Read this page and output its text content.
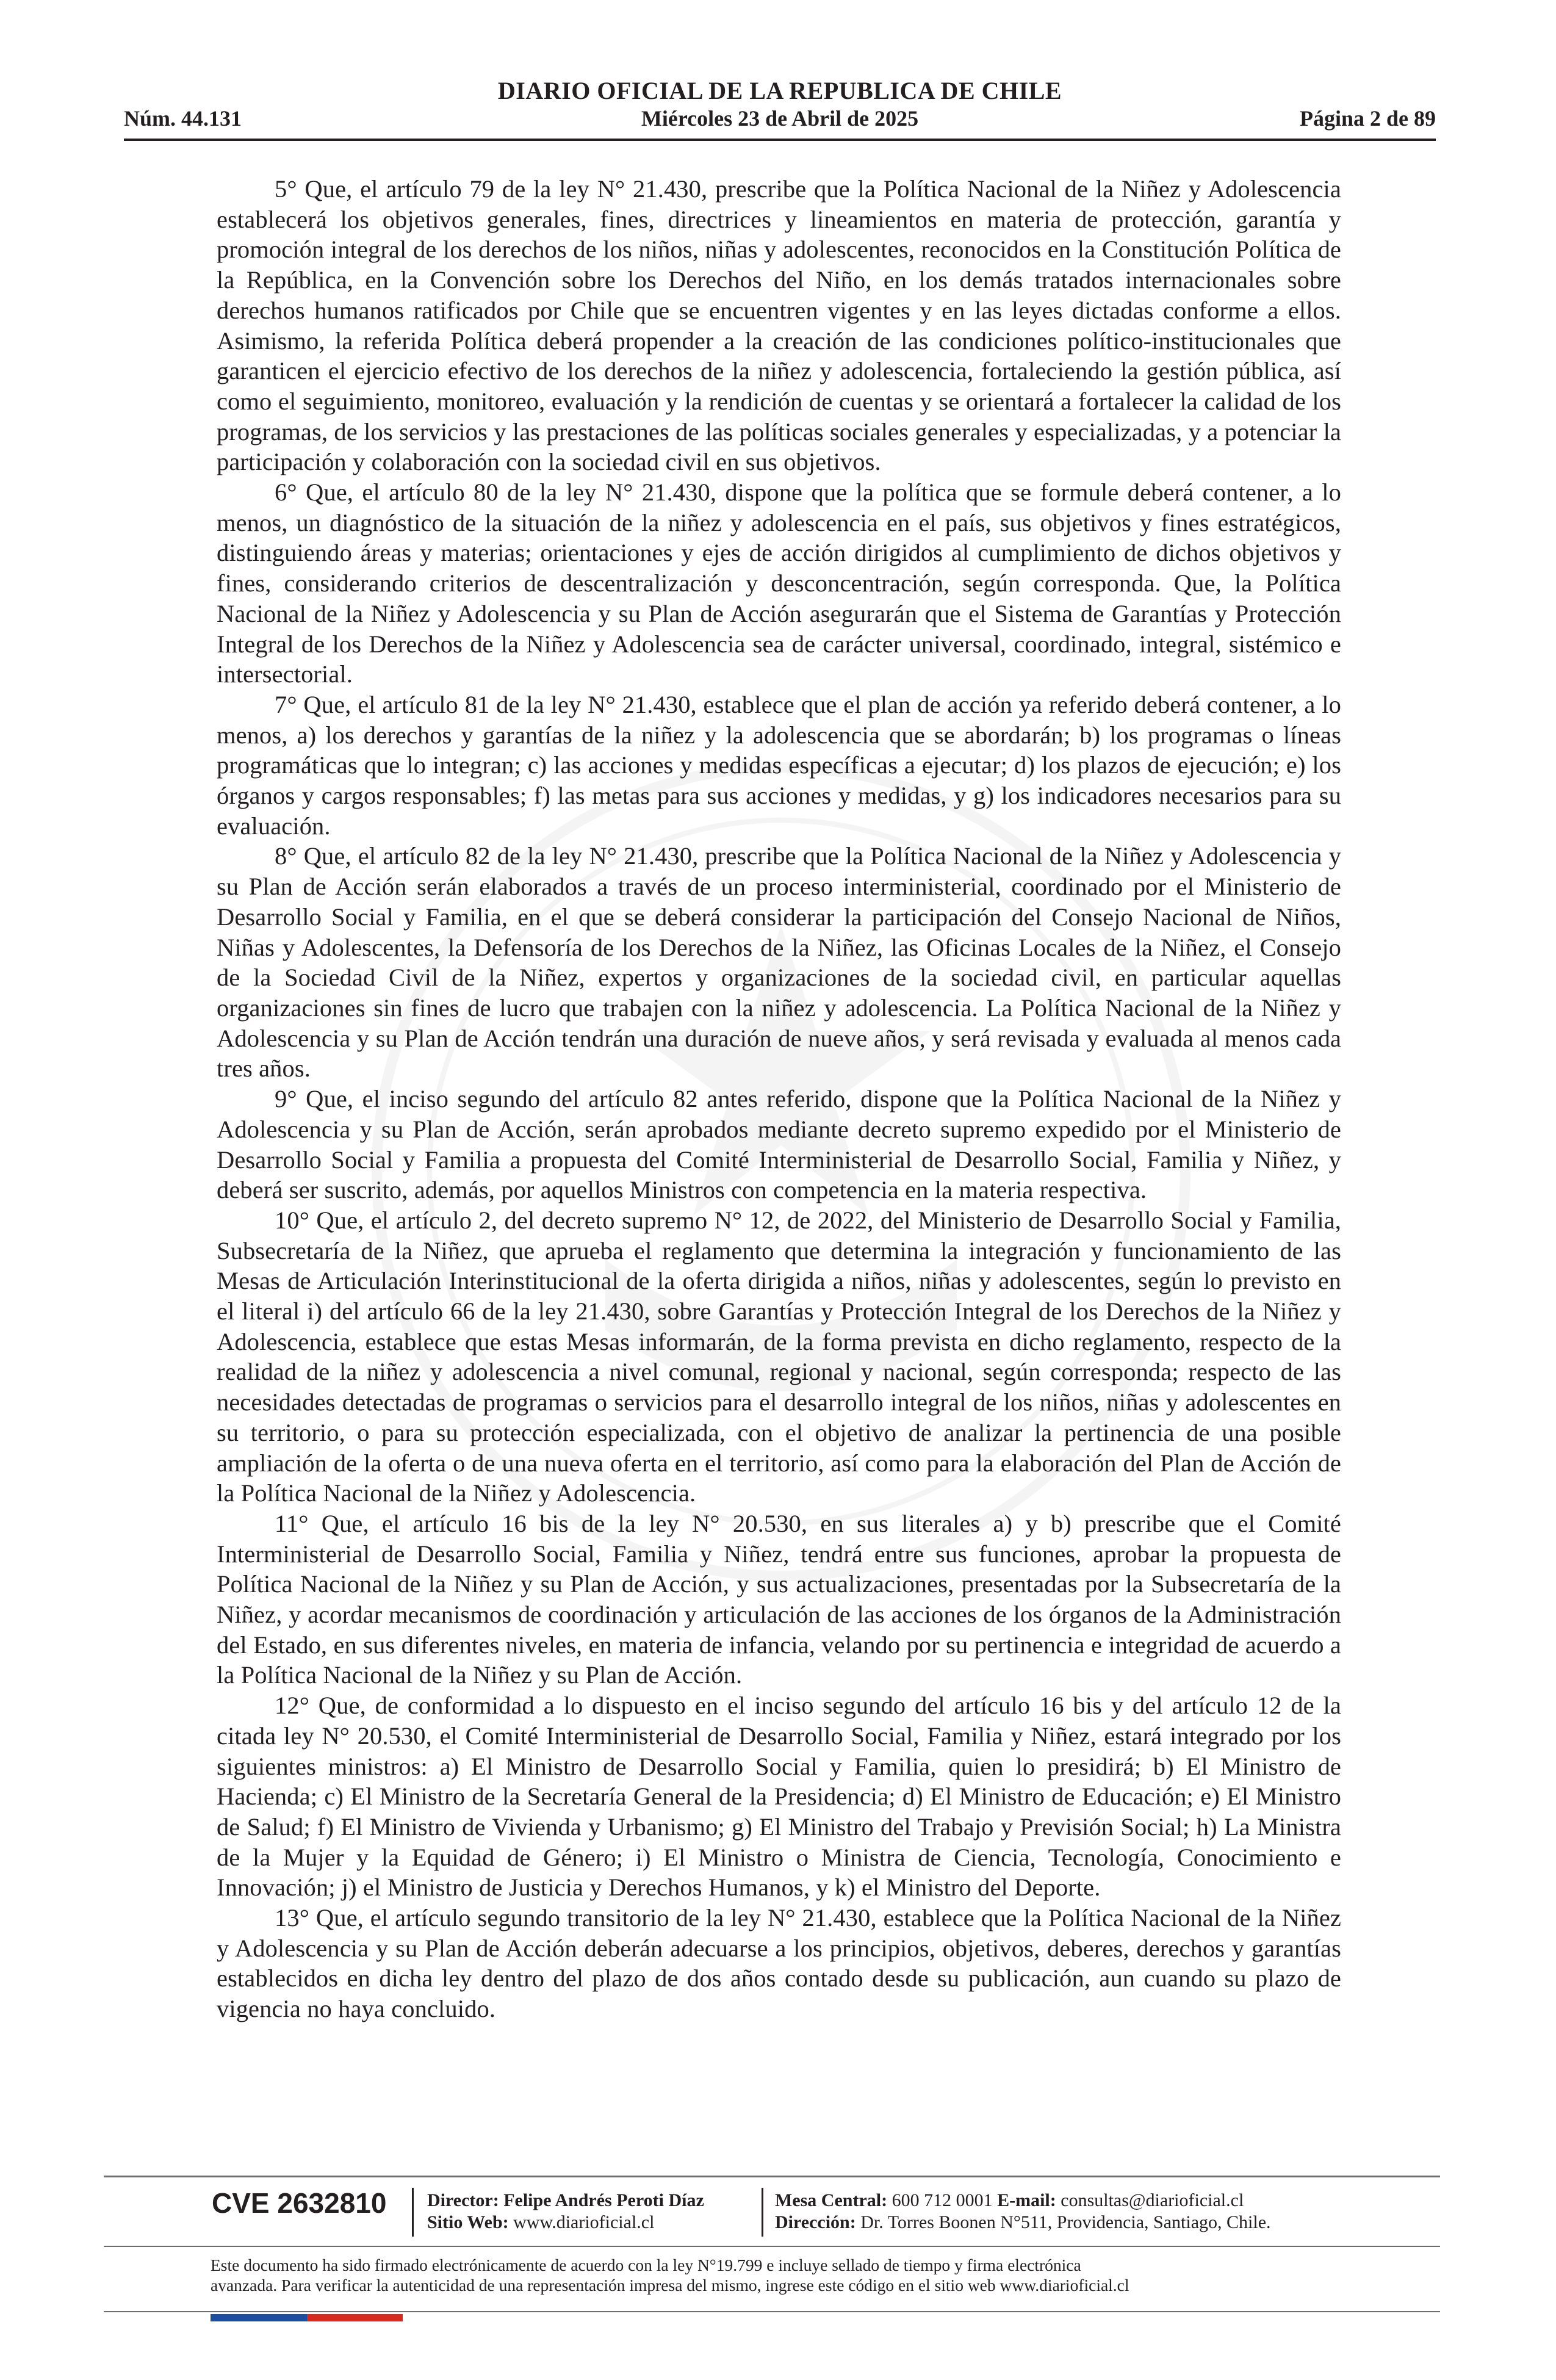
DIARIO OFICIAL DE LA REPUBLICA DE CHILE
Núm. 44.131	Miércoles 23 de Abril de 2025	Página 2 de 89

5° Que, el artículo 79 de la ley N° 21.430, prescribe que la Política Nacional de la Niñez y Adolescencia establecerá los objetivos generales, fines, directrices y lineamientos en materia de protección, garantía y promoción integral de los derechos de los niños, niñas y adolescentes, reconocidos en la Constitución Política de la República, en la Convención sobre los Derechos del Niño, en los demás tratados internacionales sobre derechos humanos ratificados por Chile que se encuentren vigentes y en las leyes dictadas conforme a ellos. Asimismo, la referida Política deberá propender a la creación de las condiciones político-institucionales que garanticen el ejercicio efectivo de los derechos de la niñez y adolescencia, fortaleciendo la gestión pública, así como el seguimiento, monitoreo, evaluación y la rendición de cuentas y se orientará a fortalecer la calidad de los programas, de los servicios y las prestaciones de las políticas sociales generales y especializadas, y a potenciar la participación y colaboración con la sociedad civil en sus objetivos.

6° Que, el artículo 80 de la ley N° 21.430, dispone que la política que se formule deberá contener, a lo menos, un diagnóstico de la situación de la niñez y adolescencia en el país, sus objetivos y fines estratégicos, distinguiendo áreas y materias; orientaciones y ejes de acción dirigidos al cumplimiento de dichos objetivos y fines, considerando criterios de descentralización y desconcentración, según corresponda. Que, la Política Nacional de la Niñez y Adolescencia y su Plan de Acción asegurarán que el Sistema de Garantías y Protección Integral de los Derechos de la Niñez y Adolescencia sea de carácter universal, coordinado, integral, sistémico e intersectorial.

7° Que, el artículo 81 de la ley N° 21.430, establece que el plan de acción ya referido deberá contener, a lo menos, a) los derechos y garantías de la niñez y la adolescencia que se abordarán; b) los programas o líneas programáticas que lo integran; c) las acciones y medidas específicas a ejecutar; d) los plazos de ejecución; e) los órganos y cargos responsables; f) las metas para sus acciones y medidas, y g) los indicadores necesarios para su evaluación.

8° Que, el artículo 82 de la ley N° 21.430, prescribe que la Política Nacional de la Niñez y Adolescencia y su Plan de Acción serán elaborados a través de un proceso interministerial, coordinado por el Ministerio de Desarrollo Social y Familia, en el que se deberá considerar la participación del Consejo Nacional de Niños, Niñas y Adolescentes, la Defensoría de los Derechos de la Niñez, las Oficinas Locales de la Niñez, el Consejo de la Sociedad Civil de la Niñez, expertos y organizaciones de la sociedad civil, en particular aquellas organizaciones sin fines de lucro que trabajen con la niñez y adolescencia. La Política Nacional de la Niñez y Adolescencia y su Plan de Acción tendrán una duración de nueve años, y será revisada y evaluada al menos cada tres años.

9° Que, el inciso segundo del artículo 82 antes referido, dispone que la Política Nacional de la Niñez y Adolescencia y su Plan de Acción, serán aprobados mediante decreto supremo expedido por el Ministerio de Desarrollo Social y Familia a propuesta del Comité Interministerial de Desarrollo Social, Familia y Niñez, y deberá ser suscrito, además, por aquellos Ministros con competencia en la materia respectiva.

10° Que, el artículo 2, del decreto supremo N° 12, de 2022, del Ministerio de Desarrollo Social y Familia, Subsecretaría de la Niñez, que aprueba el reglamento que determina la integración y funcionamiento de las Mesas de Articulación Interinstitucional de la oferta dirigida a niños, niñas y adolescentes, según lo previsto en el literal i) del artículo 66 de la ley 21.430, sobre Garantías y Protección Integral de los Derechos de la Niñez y Adolescencia, establece que estas Mesas informarán, de la forma prevista en dicho reglamento, respecto de la realidad de la niñez y adolescencia a nivel comunal, regional y nacional, según corresponda; respecto de las necesidades detectadas de programas o servicios para el desarrollo integral de los niños, niñas y adolescentes en su territorio, o para su protección especializada, con el objetivo de analizar la pertinencia de una posible ampliación de la oferta o de una nueva oferta en el territorio, así como para la elaboración del Plan de Acción de la Política Nacional de la Niñez y Adolescencia.

11° Que, el artículo 16 bis de la ley N° 20.530, en sus literales a) y b) prescribe que el Comité Interministerial de Desarrollo Social, Familia y Niñez, tendrá entre sus funciones, aprobar la propuesta de Política Nacional de la Niñez y su Plan de Acción, y sus actualizaciones, presentadas por la Subsecretaría de la Niñez, y acordar mecanismos de coordinación y articulación de las acciones de los órganos de la Administración del Estado, en sus diferentes niveles, en materia de infancia, velando por su pertinencia e integridad de acuerdo a la Política Nacional de la Niñez y su Plan de Acción.

12° Que, de conformidad a lo dispuesto en el inciso segundo del artículo 16 bis y del artículo 12 de la citada ley N° 20.530, el Comité Interministerial de Desarrollo Social, Familia y Niñez, estará integrado por los siguientes ministros: a) El Ministro de Desarrollo Social y Familia, quien lo presidirá; b) El Ministro de Hacienda; c) El Ministro de la Secretaría General de la Presidencia; d) El Ministro de Educación; e) El Ministro de Salud; f) El Ministro de Vivienda y Urbanismo; g) El Ministro del Trabajo y Previsión Social; h) La Ministra de la Mujer y la Equidad de Género; i) El Ministro o Ministra de Ciencia, Tecnología, Conocimiento e Innovación; j) el Ministro de Justicia y Derechos Humanos, y k) el Ministro del Deporte.

13° Que, el artículo segundo transitorio de la ley N° 21.430, establece que la Política Nacional de la Niñez y Adolescencia y su Plan de Acción deberán adecuarse a los principios, objetivos, deberes, derechos y garantías establecidos en dicha ley dentro del plazo de dos años contado desde su publicación, aun cuando su plazo de vigencia no haya concluido.

CVE 2632810 Director: Felipe Andrés Peroti Díaz
Sitio Web: www.diarioficial.cl
Mesa Central: 600 712 0001 E-mail: consultas@diarioficial.cl
Dirección: Dr. Torres Boonen N°511, Providencia, Santiago, Chile.
Este documento ha sido firmado electrónicamente de acuerdo con la ley N°19.799 e incluye sellado de tiempo y firma electrónica
avanzada. Para verificar la autenticidad de una representación impresa del mismo, ingrese este código en el sitio web www.diarioficial.cl
